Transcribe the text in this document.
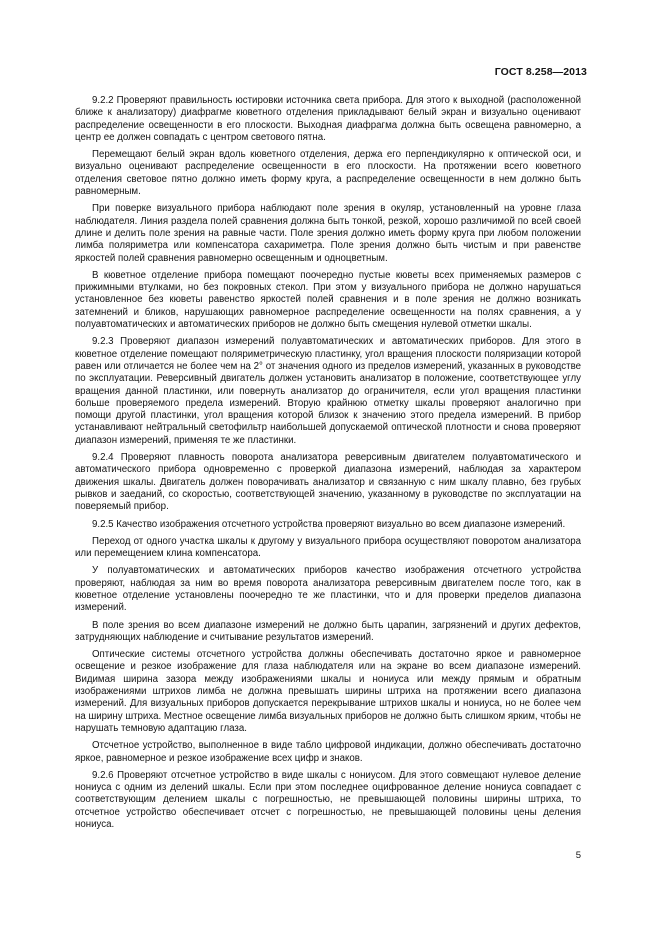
ГОСТ 8.258—2013

9.2.2 Проверяют правильность юстировки источника света прибора. Для этого к выходной (расположенной ближе к анализатору) диафрагме кюветного отделения прикладывают белый экран и визуально оценивают распределение освещенности в его плоскости. Выходная диафрагма должна быть освещена равномерно, а центр ее должен совпадать с центром светового пятна.

Перемещают белый экран вдоль кюветного отделения, держа его перпендикулярно к оптической оси, и визуально оценивают распределение освещенности в его плоскости. На протяжении всего кюветного отделения световое пятно должно иметь форму круга, а распределение освещенности в нем должно быть равномерным.

При поверке визуального прибора наблюдают поле зрения в окуляр, установленный на уровне глаза наблюдателя. Линия раздела полей сравнения должна быть тонкой, резкой, хорошо различимой по всей своей длине и делить поле зрения на равные части. Поле зрения должно иметь форму круга при любом положении лимба поляриметра или компенсатора сахариметра. Поле зрения должно быть чистым и при равенстве яркостей полей сравнения равномерно освещенным и одноцветным.

В кюветное отделение прибора помещают поочередно пустые кюветы всех применяемых размеров с прижимными втулками, но без покровных стекол. При этом у визуального прибора не должно нарушаться установленное без кюветы равенство яркостей полей сравнения и в поле зрения не должно возникать затемнений и бликов, нарушающих равномерное распределение освещенности на полях сравнения, а у полуавтоматических и автоматических приборов не должно быть смещения нулевой отметки шкалы.

9.2.3 Проверяют диапазон измерений полуавтоматических и автоматических приборов. Для этого в кюветное отделение помещают поляриметрическую пластинку, угол вращения плоскости поляризации которой равен или отличается не более чем на 2° от значения одного из пределов измерений, указанных в руководстве по эксплуатации. Реверсивный двигатель должен установить анализатор в положение, соответствующее углу вращения данной пластинки, или повернуть анализатор до ограничителя, если угол вращения пластинки больше проверяемого предела измерений. Вторую крайнюю отметку шкалы проверяют аналогично при помощи другой пластинки, угол вращения которой близок к значению этого предела измерений. В прибор устанавливают нейтральный светофильтр наибольшей допускаемой оптической плотности и снова проверяют диапазон измерений, применяя те же пластинки.

9.2.4 Проверяют плавность поворота анализатора реверсивным двигателем полуавтоматического и автоматического прибора одновременно с проверкой диапазона измерений, наблюдая за характером движения шкалы. Двигатель должен поворачивать анализатор и связанную с ним шкалу плавно, без грубых рывков и заеданий, со скоростью, соответствующей значению, указанному в руководстве по эксплуатации на поверяемый прибор.

9.2.5 Качество изображения отсчетного устройства проверяют визуально во всем диапазоне измерений.

Переход от одного участка шкалы к другому у визуального прибора осуществляют поворотом анализатора или перемещением клина компенсатора.

У полуавтоматических и автоматических приборов качество изображения отсчетного устройства проверяют, наблюдая за ним во время поворота анализатора реверсивным двигателем после того, как в кюветное отделение установлены поочередно те же пластинки, что и для проверки пределов диапазона измерений.

В поле зрения во всем диапазоне измерений не должно быть царапин, загрязнений и других дефектов, затрудняющих наблюдение и считывание результатов измерений.

Оптические системы отсчетного устройства должны обеспечивать достаточно яркое и равномерное освещение и резкое изображение для глаза наблюдателя или на экране во всем диапазоне измерений. Видимая ширина зазора между изображениями шкалы и нониуса или между прямым и обратным изображениями штрихов лимба не должна превышать ширины штриха на протяжении всего диапазона измерений. Для визуальных приборов допускается перекрывание штрихов шкалы и нониуса, но не более чем на ширину штриха. Местное освещение лимба визуальных приборов не должно быть слишком ярким, чтобы не нарушать темновую адаптацию глаза.

Отсчетное устройство, выполненное в виде табло цифровой индикации, должно обеспечивать достаточно яркое, равномерное и резкое изображение всех цифр и знаков.

9.2.6 Проверяют отсчетное устройство в виде шкалы с нониусом. Для этого совмещают нулевое деление нониуса с одним из делений шкалы. Если при этом последнее оцифрованное деление нониуса совпадает с соответствующим делением шкалы с погрешностью, не превышающей половины ширины штриха, то отсчетное устройство обеспечивает отсчет с погрешностью, не превышающей половины цены деления нониуса.

5
